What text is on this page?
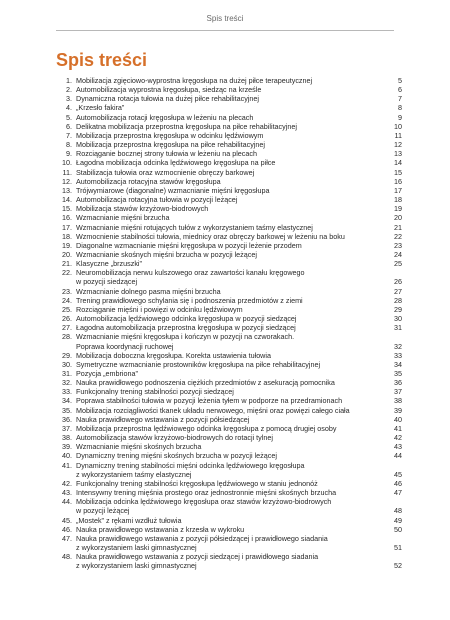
Spis treści
Spis treści
1. Mobilizacja zgięciowo-wyprostna kręgosłupa na dużej piłce terapeutycznej	5
2. Automobilizacja wyprostna kręgosłupa, siedząc na krześle	6
3. Dynamiczna rotacja tułowia na dużej piłce rehabilitacyjnej	7
4. „Krzesło fakira”	8
5. Automobilizacja rotacji kręgosłupa w leżeniu na plecach	9
6. Delikatna mobilizacja przeprostna kręgosłupa na piłce rehabilitacyjnej	10
7. Mobilizacja przeprostna kręgosłupa w odcinku lędźwiowym	11
8. Mobilizacja przeprostna kręgosłupa na piłce rehabilitacyjnej	12
9. Rozciąganie bocznej strony tułowia w leżeniu na plecach	13
10. Łagodna mobilizacja odcinka lędźwiowego kręgosłupa na piłce	14
11. Stabilizacja tułowia oraz wzmocnienie obręczy barkowej	15
12. Automobilizacja rotacyjna stawów kręgosłupa	16
13. Trójwymiarowe (diagonalne) wzmacnianie mięśni kręgosłupa	17
14. Automobilizacja rotacyjna tułowia w pozycji leżącej	18
15. Mobilizacja stawów krzyżowo-biodrowych	19
16. Wzmacnianie mięśni brzucha	20
17. Wzmacnianie mięśni rotujących tułów z wykorzystaniem taśmy elastycznej	21
18. Wzmocnienie stabilności tułowia, miednicy oraz obręczy barkowej w leżeniu na boku	22
19. Diagonalne wzmacnianie mięśni kręgosłupa w pozycji leżenie przodem	23
20. Wzmacnianie skośnych mięśni brzucha w pozycji leżącej	24
21. Klasyczne „brzuszki”	25
22. Neuromobilizacja nerwu kulszowego oraz zawartości kanału kręgowego
w pozycji siedzącej	26
23. Wzmacnianie dolnego pasma mięśni brzucha	27
24. Trening prawidłowego schylania się i podnoszenia przedmiotów z ziemi	28
25. Rozciąganie mięśni i powięzi w odcinku lędźwiowym	29
26. Automobilizacja lędźwiowego odcinka kręgosłupa w pozycji siedzącej	30
27. Łagodna automobilizacja przeprostna kręgosłupa w pozycji siedzącej	31
28. Wzmacnianie mięśni kręgosłupa i kończyn w pozycji na czworakach.
Poprawa koordynacji ruchowej	32
29. Mobilizacja doboczna kręgosłupa. Korekta ustawienia tułowia	33
30. Symetryczne wzmacnianie prostowników kręgosłupa na piłce rehabilitacyjnej	34
31. Pozycja „embriona”	35
32. Nauka prawidłowego podnoszenia ciężkich przedmiotów z asekuracją pomocnika	36
33. Funkcjonalny trening stabilności pozycji siedzącej	37
34. Poprawa stabilności tułowia w pozycji leżenia tyłem w podporze na przedramionach	38
35. Mobilizacja rozciągliwości tkanek układu nerwowego, mięśni oraz powięzi całego ciała	39
36. Nauka prawidłowego wstawania z pozycji półsiedzącej	40
37. Mobilizacja przeprostna lędźwiowego odcinka kręgosłupa z pomocą drugiej osoby	41
38. Automobilizacja stawów krzyżowo-biodrowych do rotacji tylnej	42
39. Wzmacnianie mięśni skośnych brzucha	43
40. Dynamiczny trening mięśni skośnych brzucha w pozycji leżącej	44
41. Dynamiczny trening stabilności mięśni odcinka lędźwiowego kręgosłupa
z wykorzystaniem taśmy elastycznej	45
42. Funkcjonalny trening stabilności kręgosłupa lędźwiowego w staniu jednonóż	46
43. Intensywny trening mięśnia prostego oraz jednostronnie mięśni skośnych brzucha	47
44. Mobilizacja odcinka lędźwiowego kręgosłupa oraz stawów krzyżowo-biodrowych
w pozycji leżącej	48
45. „Mostek” z rękami wzdłuż tułowia	49
46. Nauka prawidłowego wstawania z krzesła w wykroku	50
47. Nauka prawidłowego wstawania z pozycji półsiedzącej i prawidłowego siadania
z wykorzystaniem laski gimnastycznej	51
48. Nauka prawidłowego wstawania z pozycji siedzącej i prawidłowego siadania
z wykorzystaniem laski gimnastycznej	52
